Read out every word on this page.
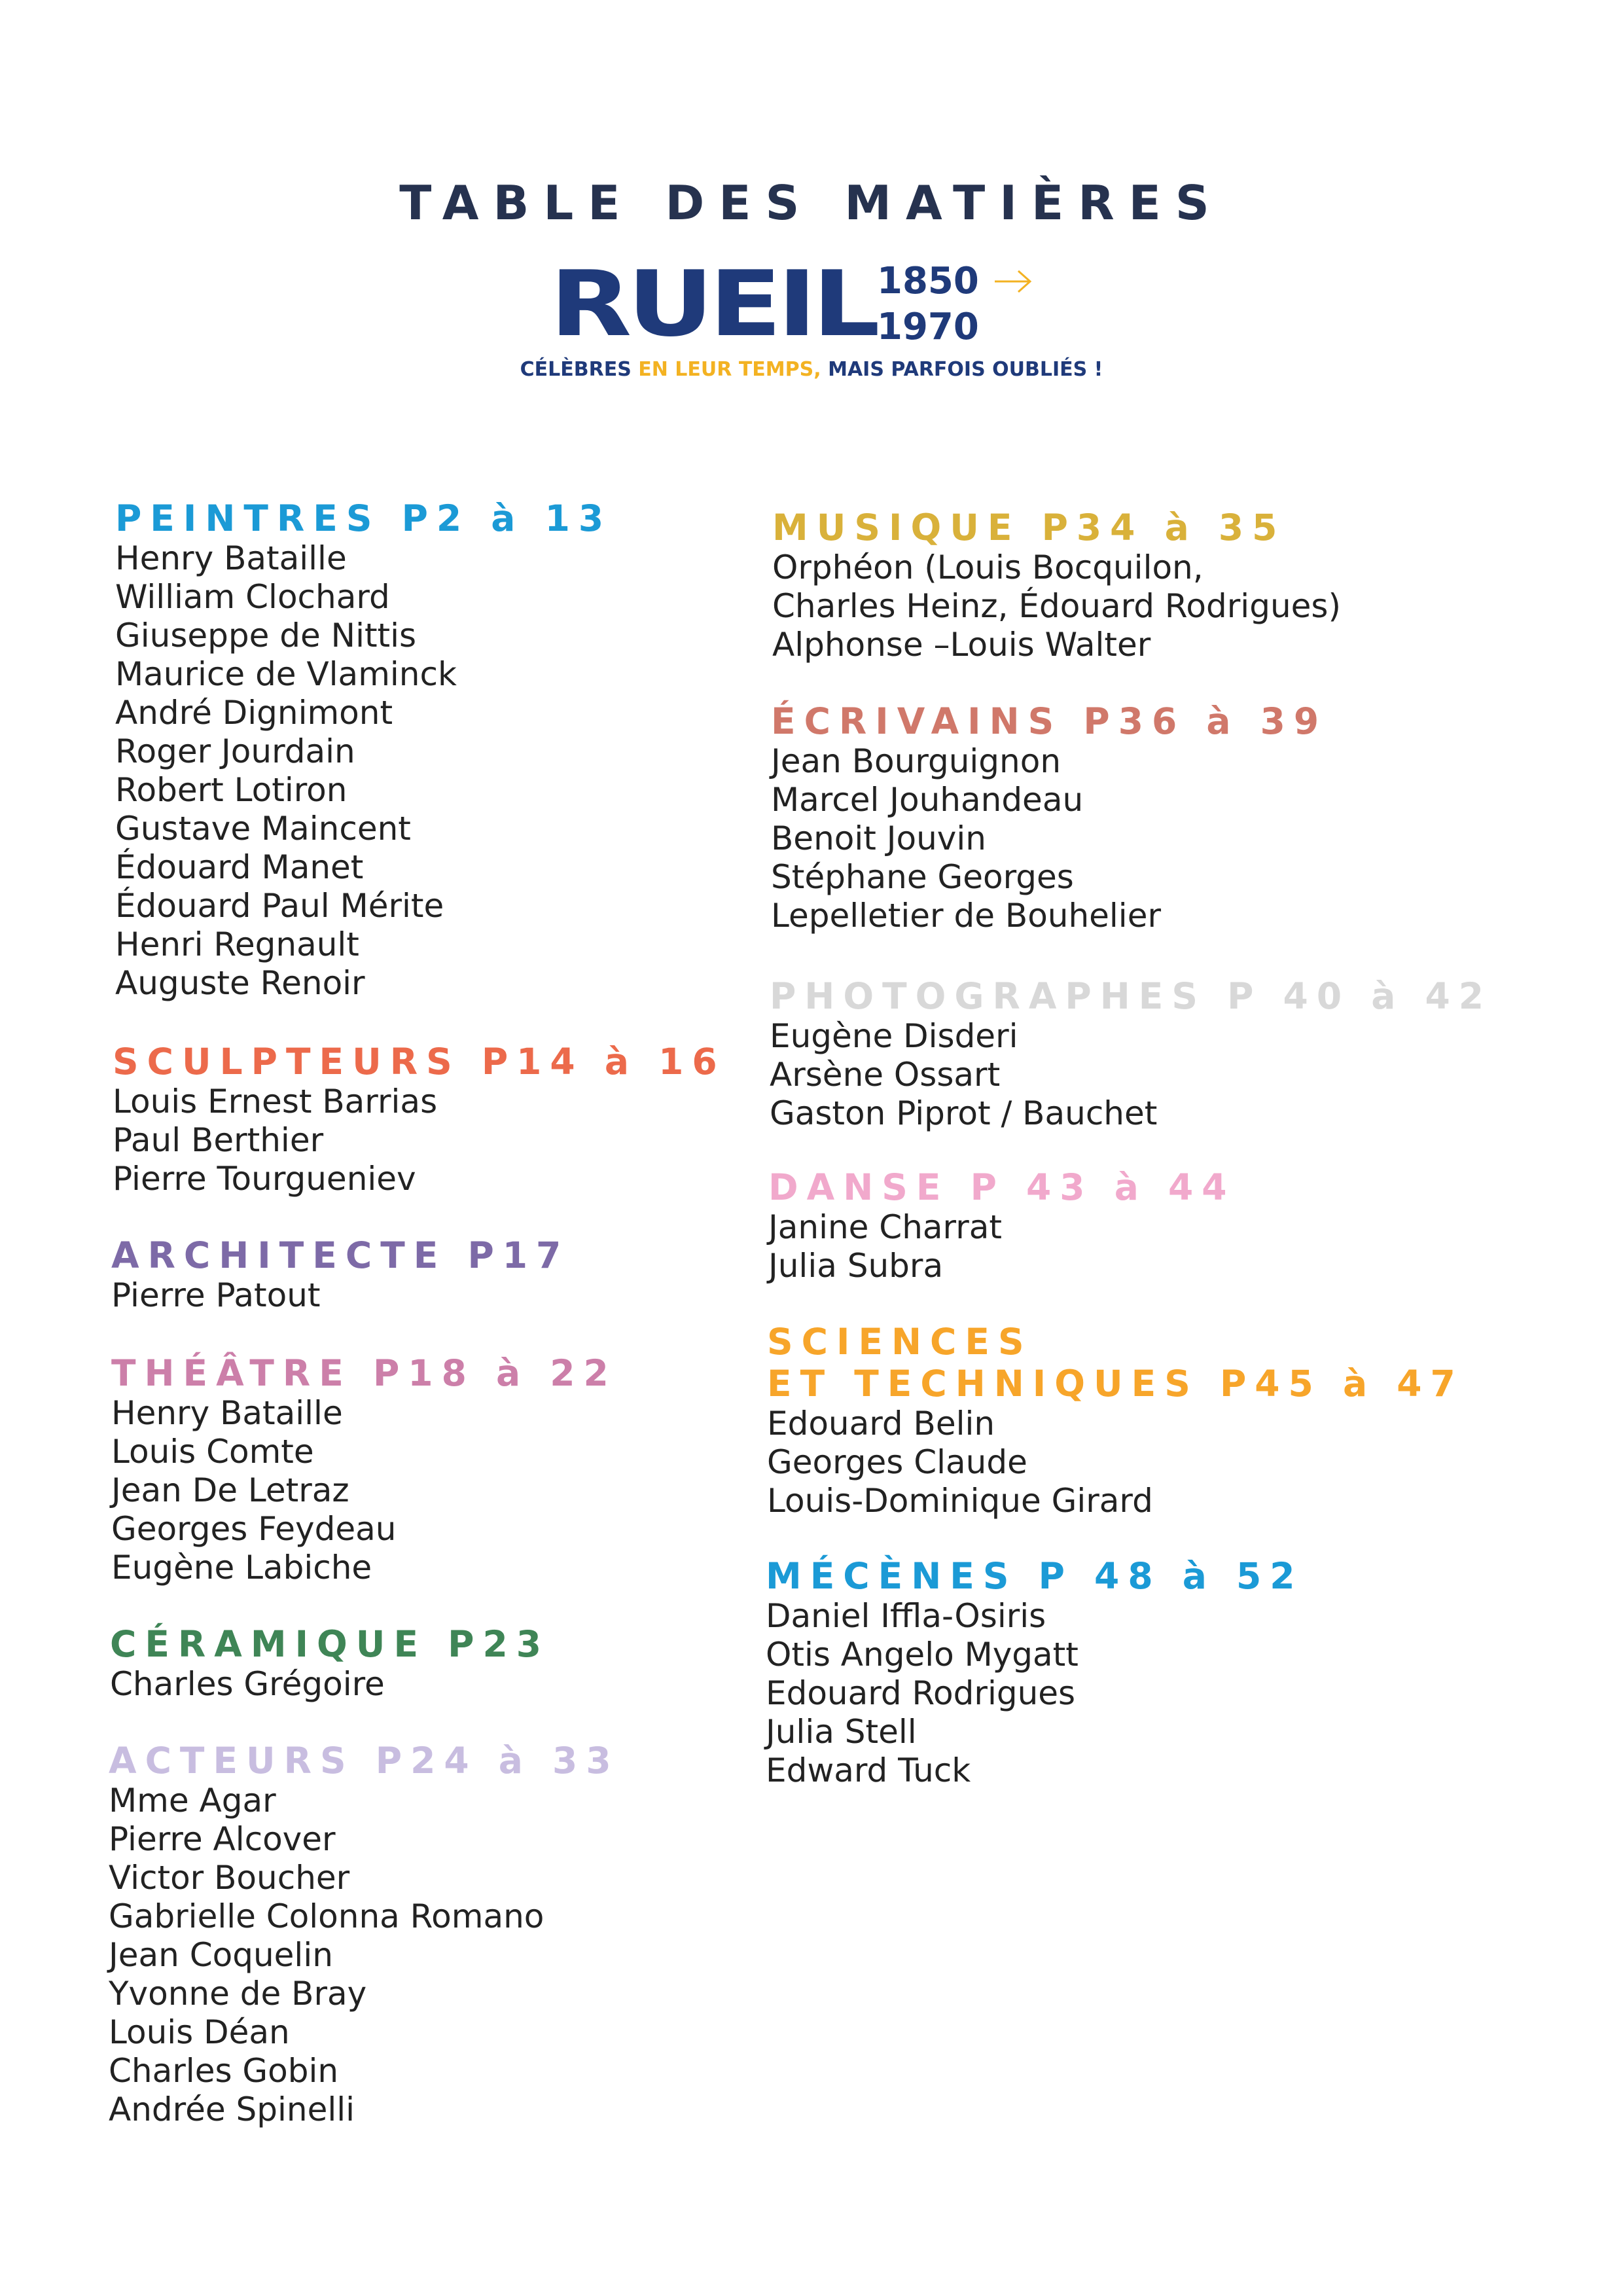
TABLE DES MATIÈRES
RUEIL 1850
1970
CÉLÈBRES EN LEUR TEMPS, MAIS PARFOIS OUBLIÉS !
PEINTRES P2 à 13
Henry Bataille
William Clochard
Giuseppe de Nittis
Maurice de Vlaminck
André Dignimont
Roger Jourdain
Robert Lotiron
Gustave Maincent
Édouard Manet
Édouard Paul Mérite
Henri Regnault
Auguste Renoir
SCULPTEURS P14 à 16
Louis Ernest Barrias
Paul Berthier
Pierre Tourgueniev
ARCHITECTE P17
Pierre Patout
THÉÂTRE P18 à 22
Henry Bataille
Louis Comte
Jean De Letraz
Georges Feydeau
Eugène Labiche
CÉRAMIQUE P23
Charles Grégoire
ACTEURS P24 à 33
Mme Agar
Pierre Alcover
Victor Boucher
Gabrielle Colonna Romano
Jean Coquelin
Yvonne de Bray
Louis Déan
Charles Gobin
Andrée Spinelli
MUSIQUE P34 à 35
Orphéon (Louis Bocquilon,
Charles Heinz, Édouard Rodrigues)
Alphonse –Louis Walter
ÉCRIVAINS P36 à 39
Jean Bourguignon
Marcel Jouhandeau
Benoit Jouvin
Stéphane Georges
Lepelletier de Bouhelier
PHOTOGRAPHES P 40 à 42
Eugène Disderi
Arsène Ossart
Gaston Piprot / Bauchet
DANSE P 43 à 44
Janine Charrat
Julia Subra
SCIENCES
ET TECHNIQUES P45 à 47
Edouard Belin
Georges Claude
Louis-Dominique Girard
MÉCÈNES P 48 à 52
Daniel Iffla-Osiris
Otis Angelo Mygatt
Edouard Rodrigues
Julia Stell
Edward Tuck
